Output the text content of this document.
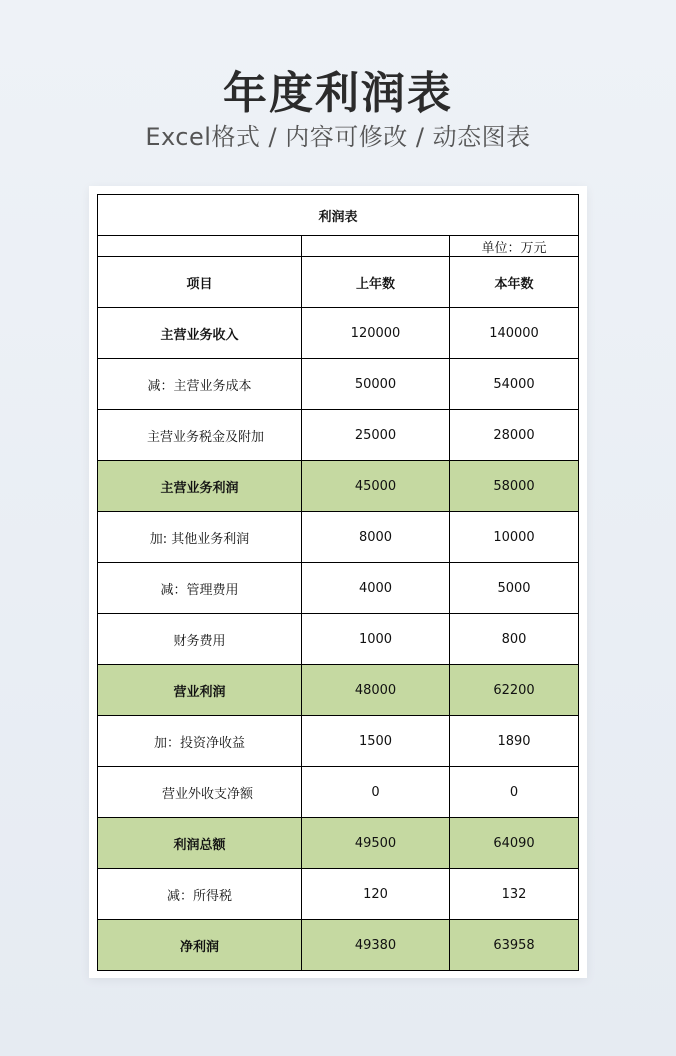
年度利润表
Excel格式 / 内容可修改 / 动态图表
利润表		
		单位：万元
项目	上年数	本年数
主营业务收入	120000	140000
减：主营业务成本	50000	54000
主营业务税金及附加	25000	28000
主营业务利润	45000	58000
加: 其他业务利润	8000	10000
减：管理费用	4000	5000
财务费用	1000	800
营业利润	48000	62200
加：投资净收益	1500	1890
营业外收支净额	0	0
利润总额	49500	64090
减：所得税	120	132
净利润	49380	63958
